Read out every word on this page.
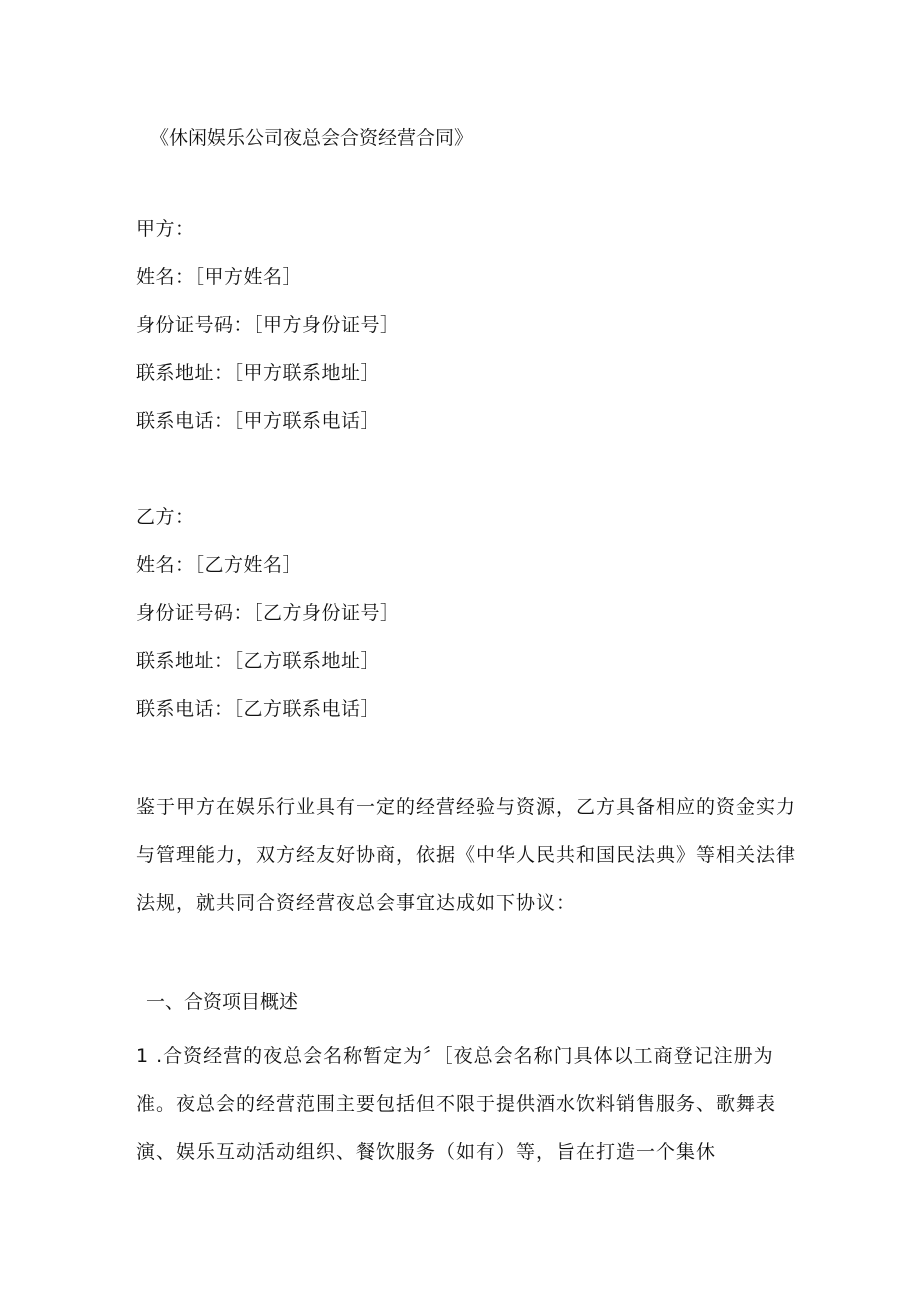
《休闲娱乐公司夜总会合资经营合同》
甲方：
姓名：［甲方姓名］
身份证号码：［甲方身份证号］
联系地址：［甲方联系地址］
联系电话：［甲方联系电话］
乙方：
姓名：［乙方姓名］
身份证号码：［乙方身份证号］
联系地址：［乙方联系地址］
联系电话：［乙方联系电话］
鉴于甲方在娱乐行业具有一定的经营经验与资源，乙方具备相应的资金实力与管理能力，双方经友好协商，依据《中华人民共和国民法典》等相关法律法规，就共同合资经营夜总会事宜达成如下协议：
一、合资项目概述
1 .合资经营的夜总会名称暂定为〞［夜总会名称门具体以工商登记注册为准。夜总会的经营范围主要包括但不限于提供酒水饮料销售服务、歌舞表演、娱乐互动活动组织、餐饮服务（如有）等，旨在打造一个集休
